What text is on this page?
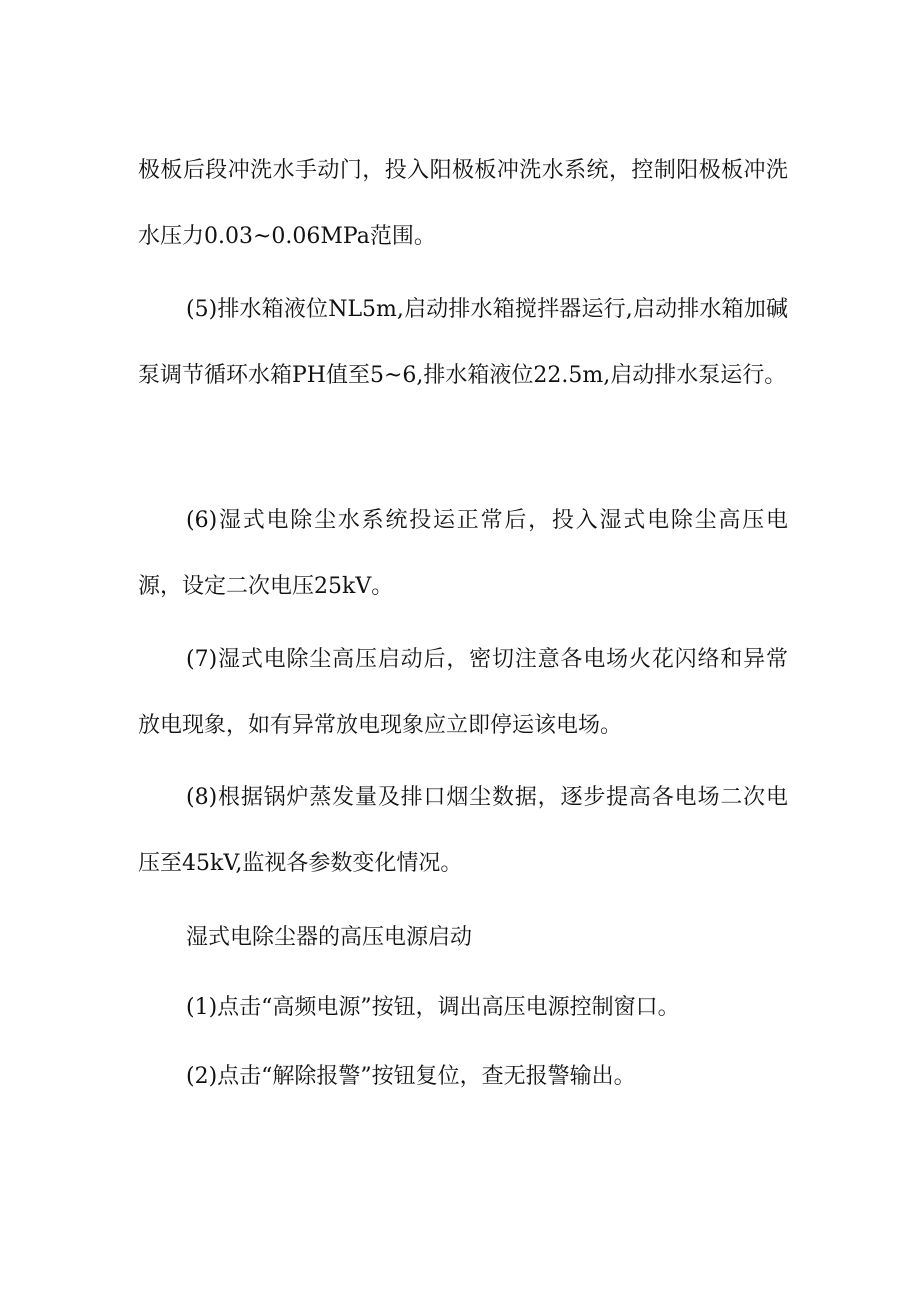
极板后段冲洗水手动门，投入阳极板冲洗水系统，控制阳极板冲洗水压力0.03~0.06MPa范围。

(5)排水箱液位NL5m,启动排水箱搅拌器运行,启动排水箱加碱泵调节循环水箱PH值至5~6,排水箱液位22.5m,启动排水泵运行。

(6)湿式电除尘水系统投运正常后，投入湿式电除尘高压电源，设定二次电压25kV。

(7)湿式电除尘高压启动后，密切注意各电场火花闪络和异常放电现象，如有异常放电现象应立即停运该电场。

(8)根据锅炉蒸发量及排口烟尘数据，逐步提高各电场二次电压至45kV,监视各参数变化情况。

湿式电除尘器的高压电源启动

(1)点击“高频电源”按钮，调出高压电源控制窗口。

(2)点击“解除报警”按钮复位，查无报警输出。
